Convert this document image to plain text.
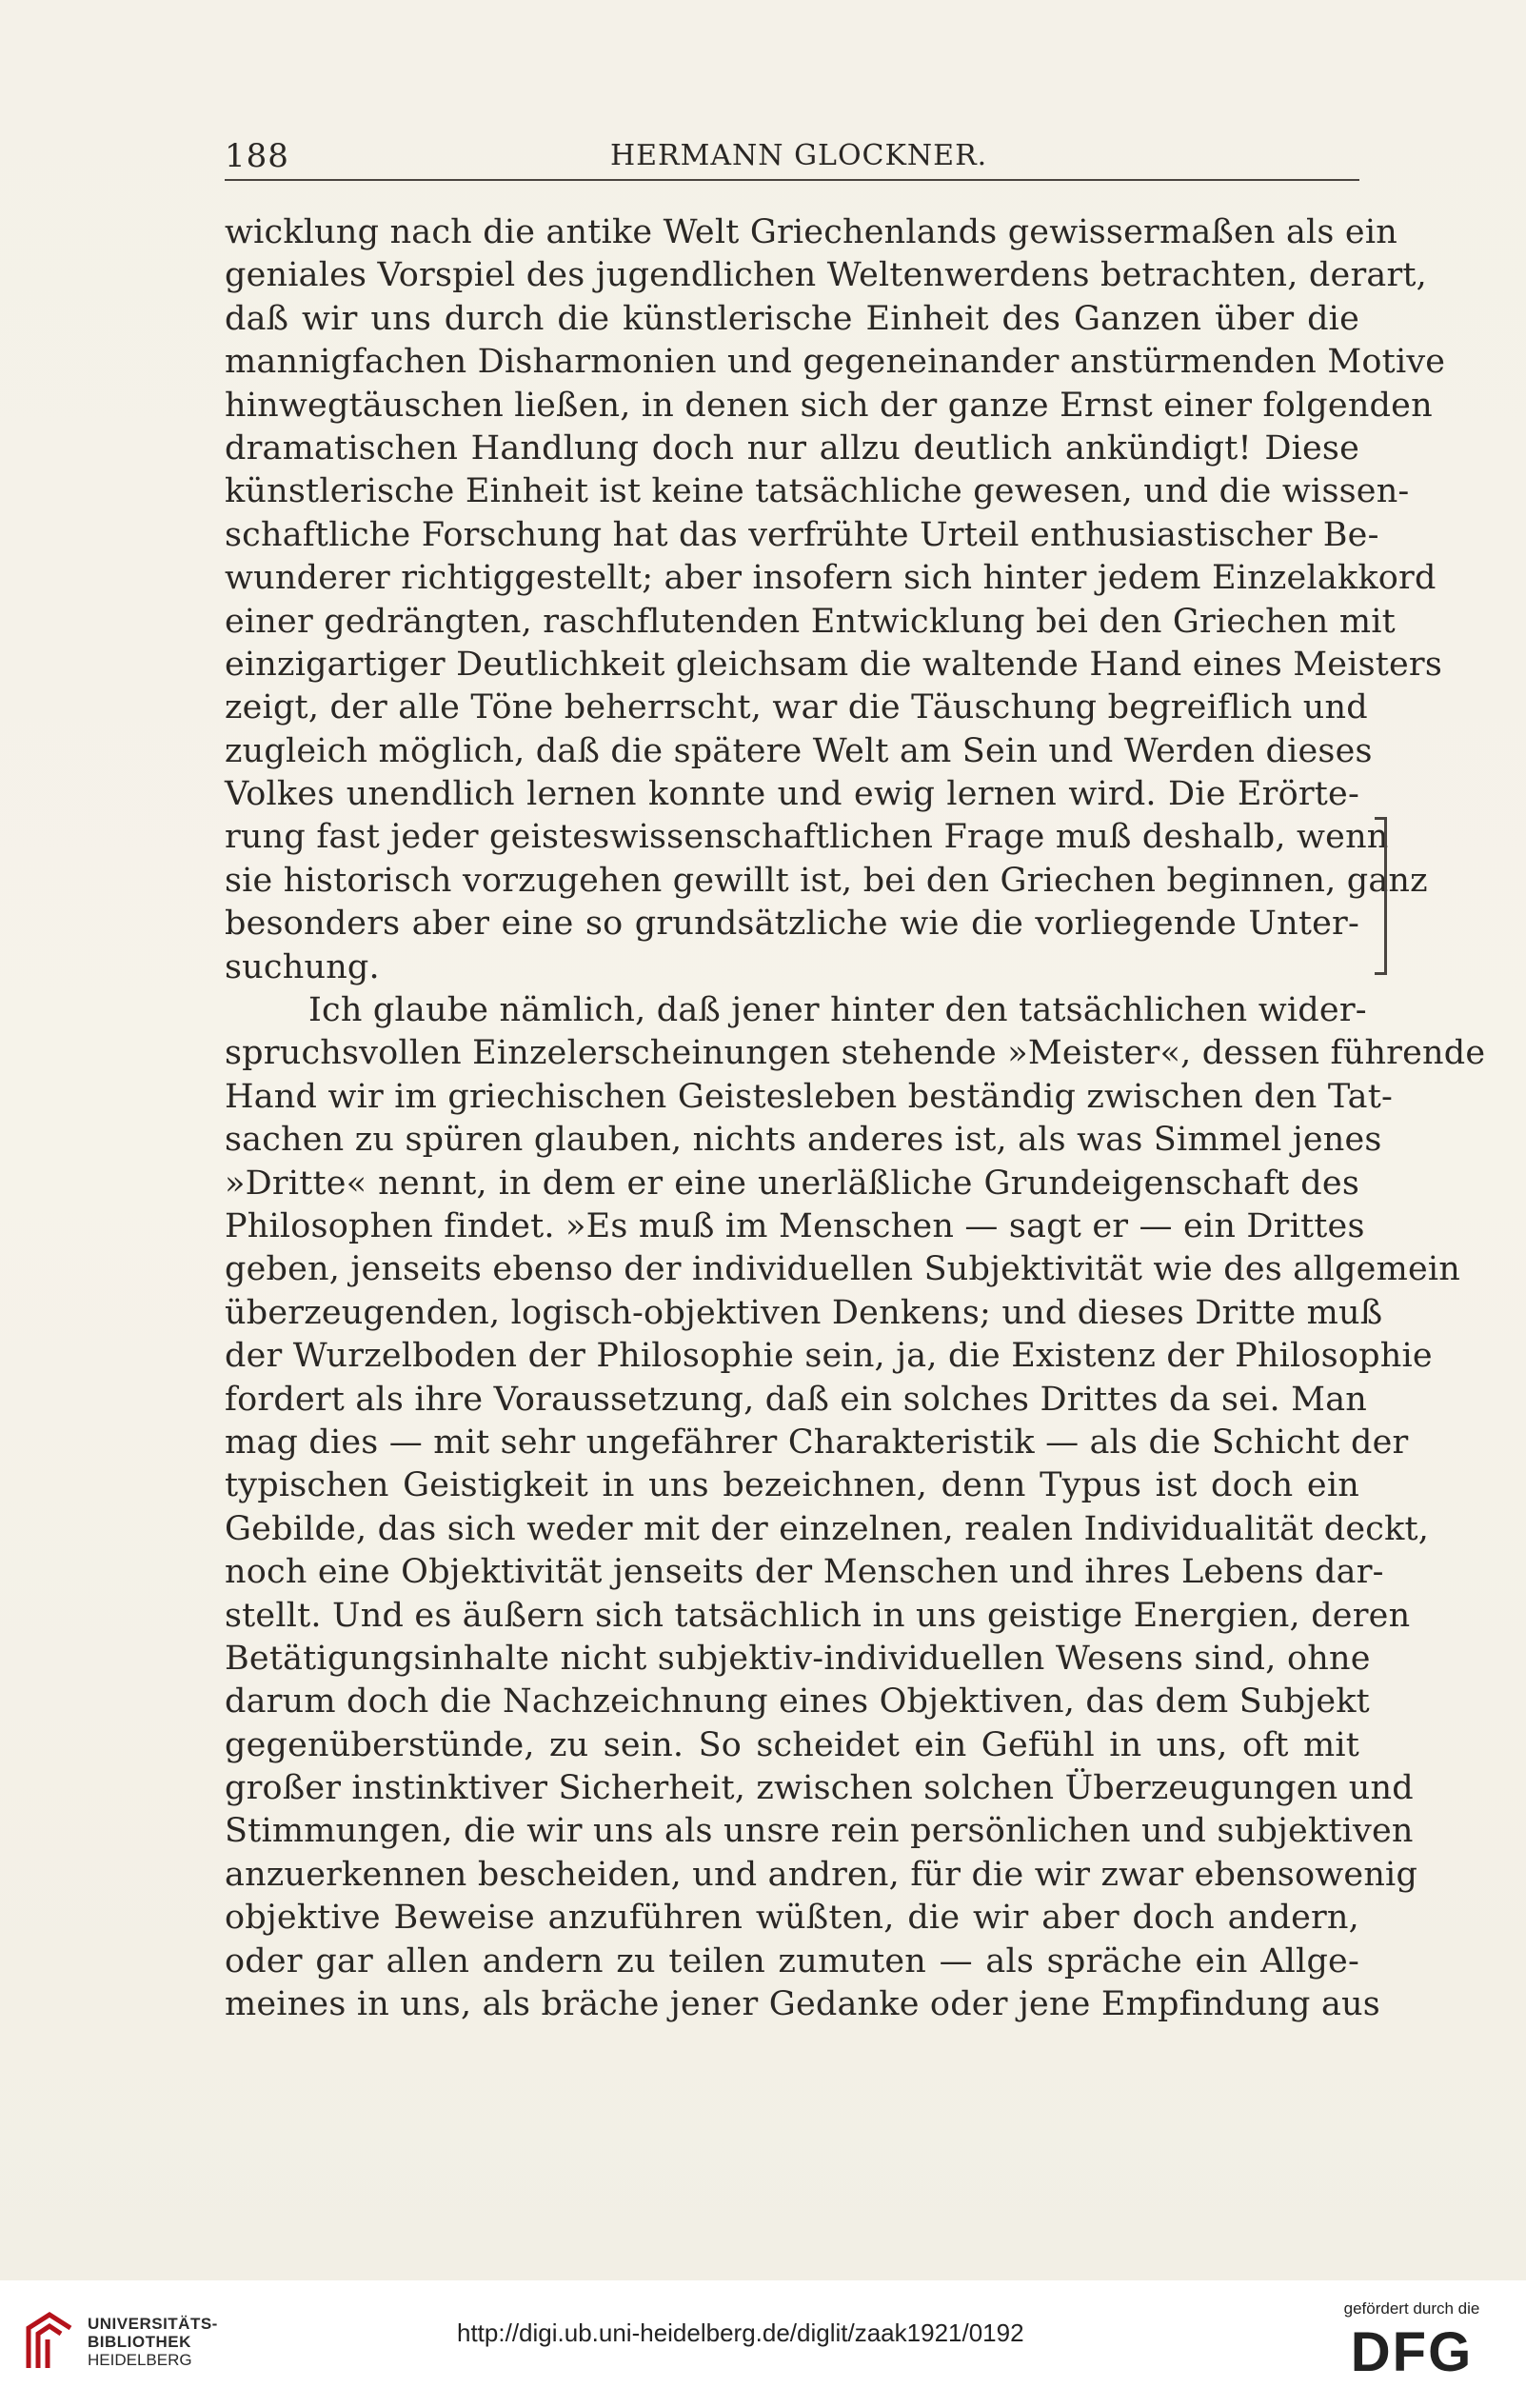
188	HERMANN GLOCKNER.
wicklung nach die antike Welt Griechenlands gewissermaßen als ein
geniales Vorspiel des jugendlichen Weltenwerdens betrachten, derart,
daß wir uns durch die künstlerische Einheit des Ganzen über die
mannigfachen Disharmonien und gegeneinander anstürmenden Motive
hinwegtäuschen ließen, in denen sich der ganze Ernst einer folgenden
dramatischen Handlung doch nur allzu deutlich ankündigt! Diese
künstlerische Einheit ist keine tatsächliche gewesen, und die wissen-
schaftliche Forschung hat das verfrühte Urteil enthusiastischer Be-
wunderer richtiggestellt; aber insofern sich hinter jedem Einzelakkord
einer gedrängten, raschflutenden Entwicklung bei den Griechen mit
einzigartiger Deutlichkeit gleichsam die waltende Hand eines Meisters
zeigt, der alle Töne beherrscht, war die Täuschung begreiflich und
zugleich möglich, daß die spätere Welt am Sein und Werden dieses
Volkes unendlich lernen konnte und ewig lernen wird. Die Erörte-
rung fast jeder geisteswissenschaftlichen Frage muß deshalb, wenn
sie historisch vorzugehen gewillt ist, bei den Griechen beginnen, ganz
besonders aber eine so grundsätzliche wie die vorliegende Unter-
suchung.
Ich glaube nämlich, daß jener hinter den tatsächlichen wider-
spruchsvollen Einzelerscheinungen stehende »Meister«, dessen führende
Hand wir im griechischen Geistesleben beständig zwischen den Tat-
sachen zu spüren glauben, nichts anderes ist, als was Simmel jenes
»Dritte« nennt, in dem er eine unerläßliche Grundeigenschaft des
Philosophen findet. »Es muß im Menschen — sagt er — ein Drittes
geben, jenseits ebenso der individuellen Subjektivität wie des allgemein
überzeugenden, logisch-objektiven Denkens; und dieses Dritte muß
der Wurzelboden der Philosophie sein, ja, die Existenz der Philosophie
fordert als ihre Voraussetzung, daß ein solches Drittes da sei. Man
mag dies — mit sehr ungefährer Charakteristik — als die Schicht der
typischen Geistigkeit in uns bezeichnen, denn Typus ist doch ein
Gebilde, das sich weder mit der einzelnen, realen Individualität deckt,
noch eine Objektivität jenseits der Menschen und ihres Lebens dar-
stellt. Und es äußern sich tatsächlich in uns geistige Energien, deren
Betätigungsinhalte nicht subjektiv-individuellen Wesens sind, ohne
darum doch die Nachzeichnung eines Objektiven, das dem Subjekt
gegenüberstünde, zu sein. So scheidet ein Gefühl in uns, oft mit
großer instinktiver Sicherheit, zwischen solchen Überzeugungen und
Stimmungen, die wir uns als unsre rein persönlichen und subjektiven
anzuerkennen bescheiden, und andren, für die wir zwar ebensowenig
objektive Beweise anzuführen wüßten, die wir aber doch andern,
oder gar allen andern zu teilen zumuten — als spräche ein Allge-
meines in uns, als bräche jener Gedanke oder jene Empfindung aus
UNIVERSITÄTS-
BIBLIOTHEK
HEIDELBERG
http://digi.ub.uni-heidelberg.de/diglit/zaak1921/0192
gefördert durch die
DFG
